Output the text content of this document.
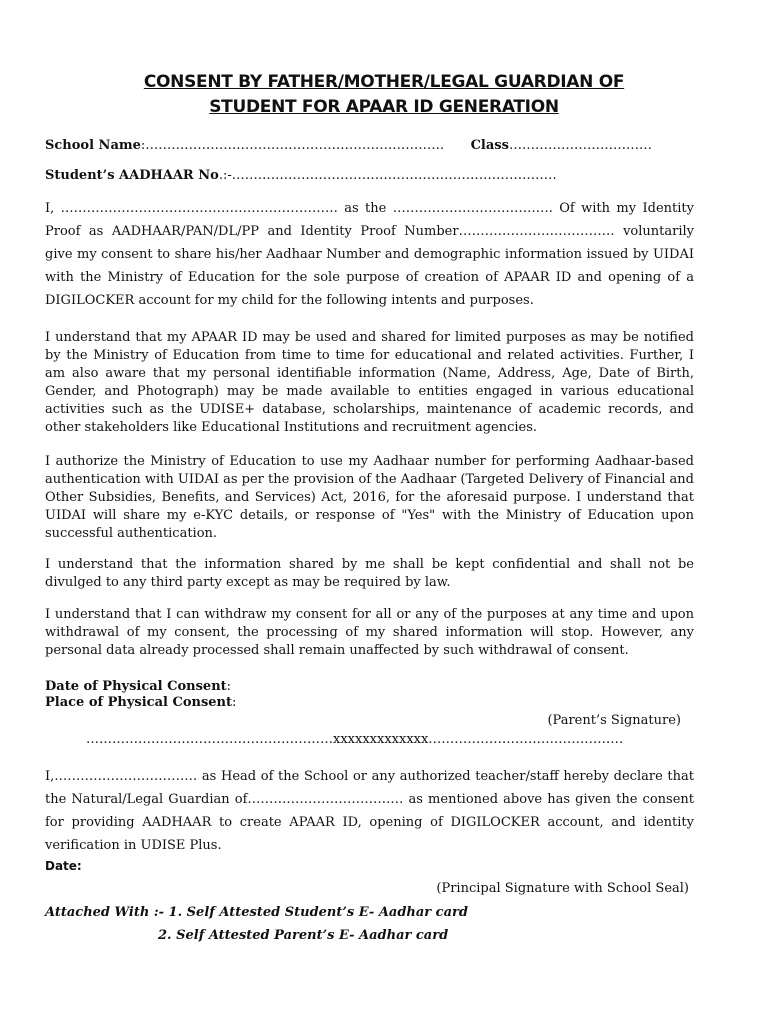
CONSENT BY FATHER/MOTHER/LEGAL GUARDIAN OF
STUDENT FOR APAAR ID GENERATION
School Name:…………………………………………………………… Class……………………………
Student’s AADHAAR No.:-…………………………………………………………………

I, ………………………………………………………. as the ………………………………. Of with my Identity Proof as AADHAAR/PAN/DL/PP and Identity Proof Number……………………………… voluntarily give my consent to share his/her Aadhaar Number and demographic information issued by UIDAI with the Ministry of Education for the sole purpose of creation of APAAR ID and opening of a DIGILOCKER account for my child for the following intents and purposes.

I understand that my APAAR ID may be used and shared for limited purposes as may be notified by the Ministry of Education from time to time for educational and related activities. Further, I am also aware that my personal identifiable information (Name, Address, Age, Date of Birth, Gender, and Photograph) may be made available to entities engaged in various educational activities such as the UDISE+ database, scholarships, maintenance of academic records, and other stakeholders like Educational Institutions and recruitment agencies.

I authorize the Ministry of Education to use my Aadhaar number for performing Aadhaar-based authentication with UIDAI as per the provision of the Aadhaar (Targeted Delivery of Financial and Other Subsidies, Benefits, and Services) Act, 2016, for the aforesaid purpose. I understand that UIDAI will share my e-KYC details, or response of "Yes" with the Ministry of Education upon successful authentication.

I understand that the information shared by me shall be kept confidential and shall not be divulged to any third party except as may be required by law.

I understand that I can withdraw my consent for all or any of the purposes at any time and upon withdrawal of my consent, the processing of my shared information will stop. However, any personal data already processed shall remain unaffected by such withdrawal of consent.

Date of Physical Consent:
Place of Physical Consent:
(Parent’s Signature)
…………………………………………………xxxxxxxxxxxxx………………………………………

I,…………………………… as Head of the School or any authorized teacher/staff hereby declare that the Natural/Legal Guardian of……………………………… as mentioned above has given the consent for providing AADHAAR to create APAAR ID, opening of DIGILOCKER account, and identity verification in UDISE Plus.

Date:
(Principal Signature with School Seal)
Attached With :- 1. Self Attested Student’s E- Aadhar card
2. Self Attested Parent’s E- Aadhar card
